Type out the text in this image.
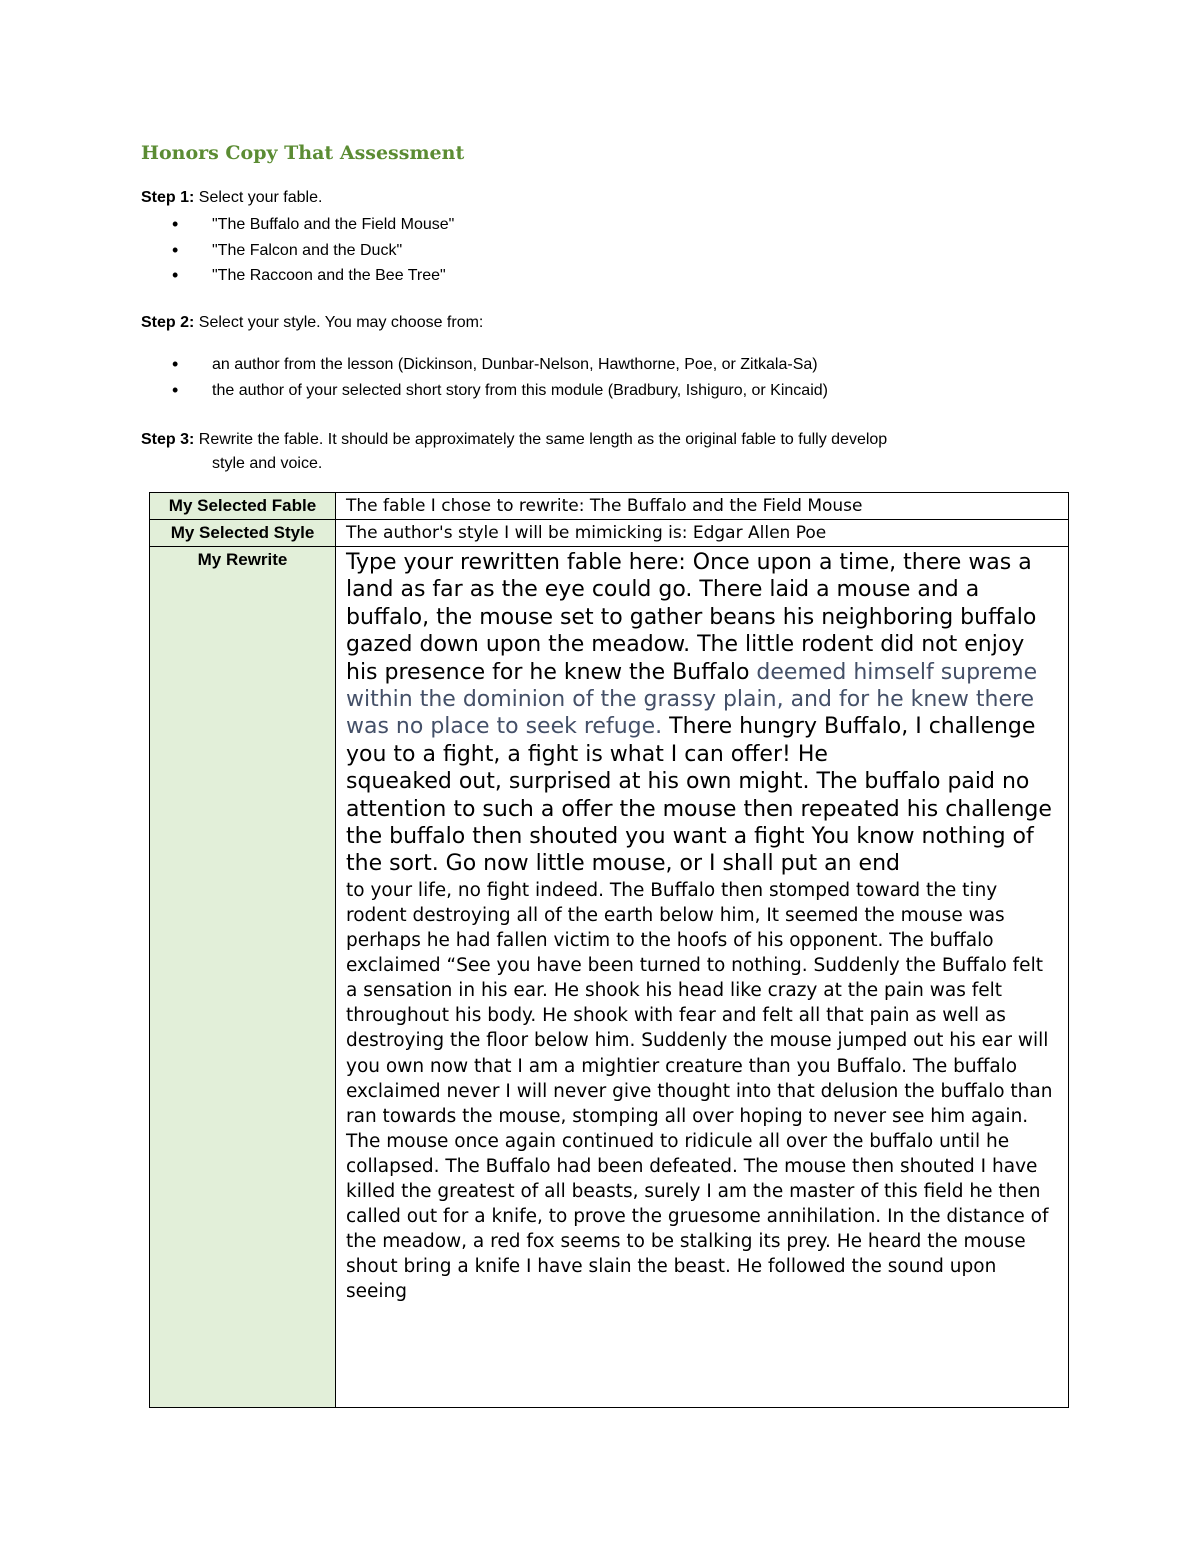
Honors Copy That Assessment
Step 1: Select your fable.
• "The Buffalo and the Field Mouse"
• "The Falcon and the Duck"
• "The Raccoon and the Bee Tree"
Step 2: Select your style. You may choose from:
• an author from the lesson (Dickinson, Dunbar-Nelson, Hawthorne, Poe, or Zitkala-Sa)
• the author of your selected short story from this module (Bradbury, Ishiguro, or Kincaid)
Step 3: Rewrite the fable. It should be approximately the same length as the original fable to fully develop
style and voice.
My Selected Fable	The fable I chose to rewrite: The Buffalo and the Field Mouse
My Selected Style	The author's style I will be mimicking is: Edgar Allen Poe
My Rewrite	Type your rewritten fable here: Once upon a time, there was a land as far as the eye could go. There laid a mouse and a buffalo, the mouse set to gather beans his neighboring buffalo gazed down upon the meadow. The little rodent did not enjoy his presence for he knew the Buffalo deemed himself supreme within the dominion of the grassy plain, and for he knew there was no place to seek refuge. There hungry Buffalo, I challenge you to a fight, a fight is what I can offer! He
squeaked out, surprised at his own might. The buffalo paid no attention to such a offer the mouse then repeated his challenge the buffalo then shouted you want a fight You know nothing of the sort. Go now little mouse, or I shall put an end
to your life, no fight indeed. The Buffalo then stomped toward the tiny rodent destroying all of the earth below him, It seemed the mouse was perhaps he had fallen victim to the hoofs of his opponent. The buffalo exclaimed “See you have been turned to nothing. Suddenly the Buffalo felt a sensation in his ear. He shook his head like crazy at the pain was felt throughout his body. He shook with fear and felt all that pain as well as destroying the floor below him. Suddenly the mouse jumped out his ear will you own now that I am a mightier creature than you Buffalo. The buffalo exclaimed never I will never give thought into that delusion the buffalo than ran towards the mouse, stomping all over hoping to never see him again. The mouse once again continued to ridicule all over the buffalo until he collapsed. The Buffalo had been defeated. The mouse then shouted I have killed the greatest of all beasts, surely I am the master of this field he then called out for a knife, to prove the gruesome annihilation. In the distance of the meadow, a red fox seems to be stalking its prey. He heard the mouse shout bring a knife I have slain the beast. He followed the sound upon seeing
